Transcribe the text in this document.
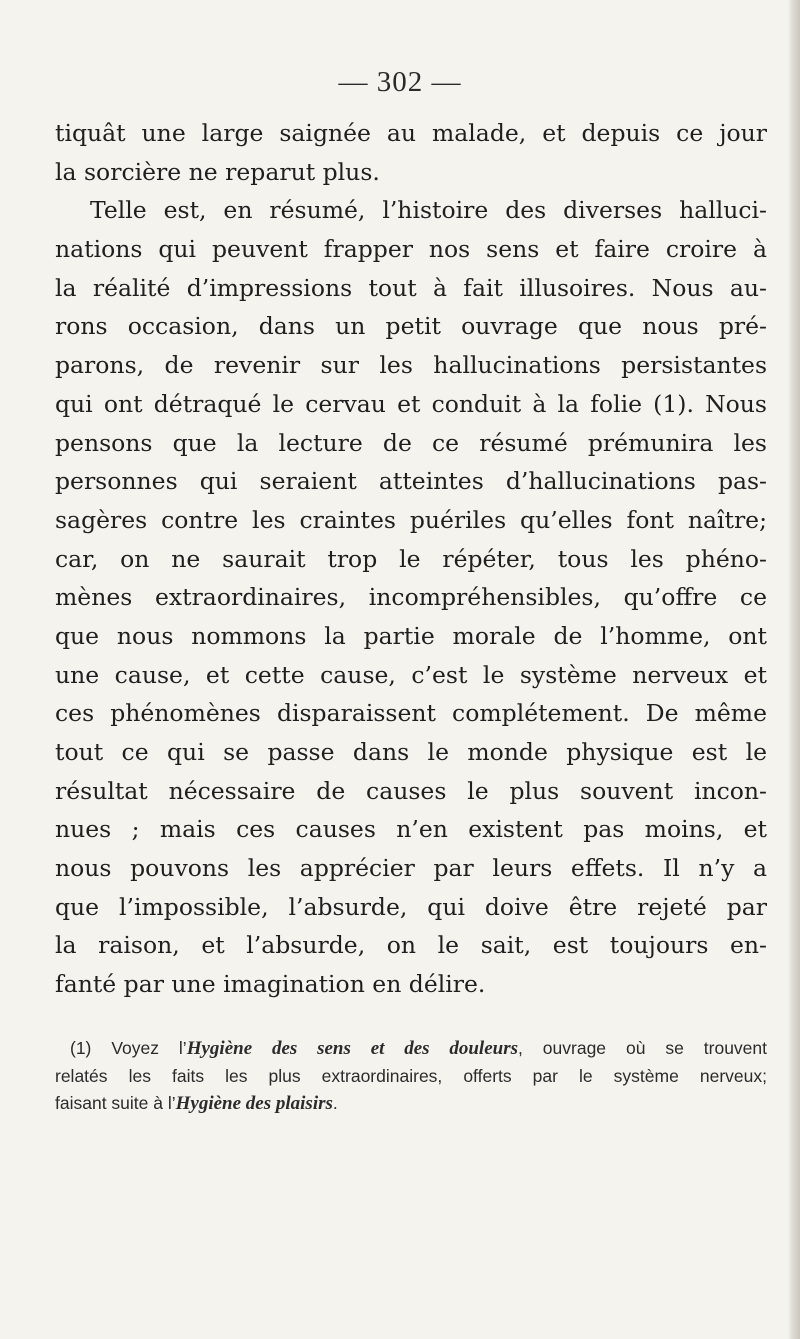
— 302 —
tiquât une large saignée au malade, et depuis ce jour
la sorcière ne reparut plus.
Telle est, en résumé, l’histoire des diverses halluci-
nations qui peuvent frapper nos sens et faire croire à
la réalité d’impressions tout à fait illusoires. Nous au-
rons occasion, dans un petit ouvrage que nous pré-
parons, de revenir sur les hallucinations persistantes
qui ont détraqué le cervau et conduit à la folie (1). Nous
pensons que la lecture de ce résumé prémunira les
personnes qui seraient atteintes d’hallucinations pas-
sagères contre les craintes puériles qu’elles font naître;
car, on ne saurait trop le répéter, tous les phéno-
mènes extraordinaires, incompréhensibles, qu’offre ce
que nous nommons la partie morale de l’homme, ont
une cause, et cette cause, c’est le système nerveux et
ces phénomènes disparaissent complétement. De même
tout ce qui se passe dans le monde physique est le
résultat nécessaire de causes le plus souvent incon-
nues ; mais ces causes n’en existent pas moins, et
nous pouvons les apprécier par leurs effets. Il n’y a
que l’impossible, l’absurde, qui doive être rejeté par
la raison, et l’absurde, on le sait, est toujours en-
fanté par une imagination en délire.
(1) Voyez l’Hygiène des sens et des douleurs, ouvrage où se trouvent
relatés les faits les plus extraordinaires, offerts par le système nerveux;
faisant suite à l’Hygiène des plaisirs.
